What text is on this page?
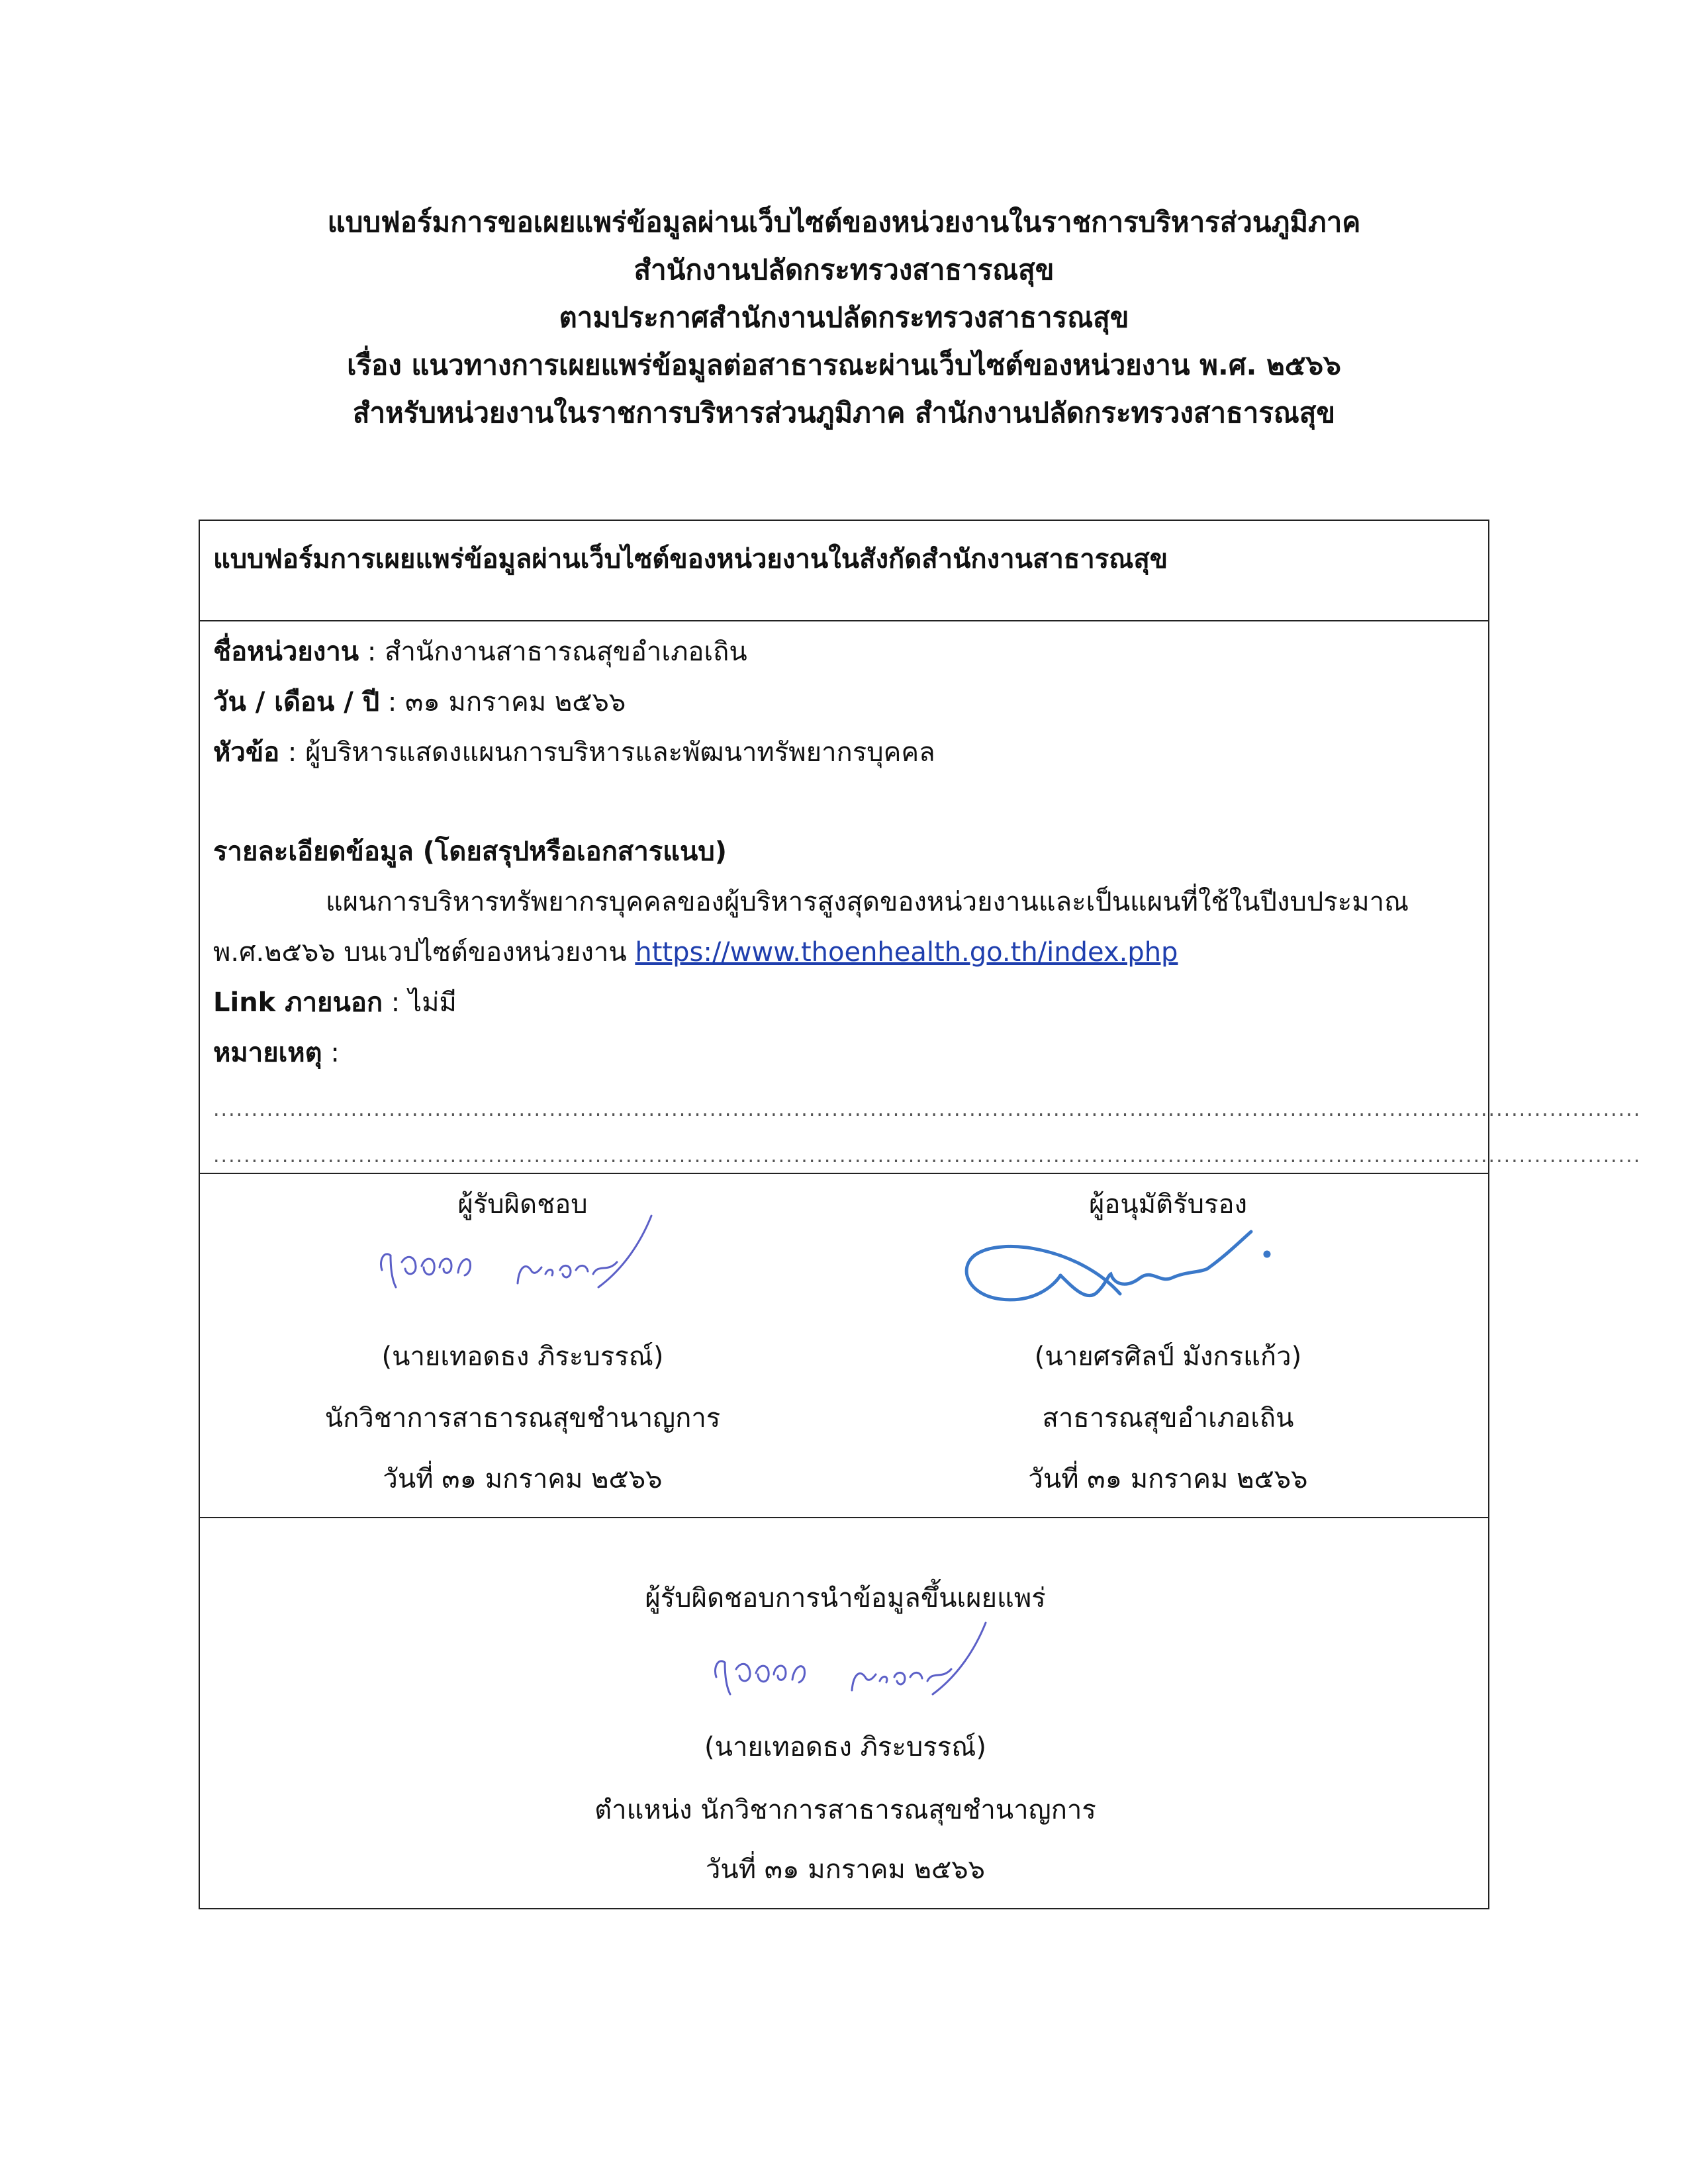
แบบฟอร์มการขอเผยแพร่ข้อมูลผ่านเว็บไซต์ของหน่วยงานในราชการบริหารส่วนภูมิภาค
สำนักงานปลัดกระทรวงสาธารณสุข
ตามประกาศสำนักงานปลัดกระทรวงสาธารณสุข
เรื่อง แนวทางการเผยแพร่ข้อมูลต่อสาธารณะผ่านเว็บไซต์ของหน่วยงาน พ.ศ. ๒๕๖๖
สำหรับหน่วยงานในราชการบริหารส่วนภูมิภาค สำนักงานปลัดกระทรวงสาธารณสุข
แบบฟอร์มการเผยแพร่ข้อมูลผ่านเว็บไซต์ของหน่วยงานในสังกัดสำนักงานสาธารณสุข
ชื่อหน่วยงาน : สำนักงานสาธารณสุขอำเภอเถิน
วัน / เดือน / ปี : ๓๑ มกราคม ๒๕๖๖
หัวข้อ : ผู้บริหารแสดงแผนการบริหารและพัฒนาทรัพยากรบุคคล
รายละเอียดข้อมูล (โดยสรุปหรือเอกสารแนบ)
แผนการบริหารทรัพยากรบุคคลของผู้บริหารสูงสุดของหน่วยงานและเป็นแผนที่ใช้ในปีงบประมาณ
พ.ศ.๒๕๖๖ บนเวปไซต์ของหน่วยงาน https://www.thoenhealth.go.th/index.php
Link ภายนอก : ไม่มี
หมายเหตุ :
...........................................................................................................................................................................................
...........................................................................................................................................................................................
ผู้รับผิดชอบ
(นายเทอดธง ภิระบรรณ์)
นักวิชาการสาธารณสุขชำนาญการ
วันที่ ๓๑ มกราคม ๒๕๖๖
ผู้อนุมัติรับรอง
(นายศรศิลป์ มังกรแก้ว)
สาธารณสุขอำเภอเถิน
วันที่ ๓๑ มกราคม ๒๕๖๖
ผู้รับผิดชอบการนำข้อมูลขึ้นเผยแพร่
(นายเทอดธง ภิระบรรณ์)
ตำแหน่ง นักวิชาการสาธารณสุขชำนาญการ
วันที่ ๓๑ มกราคม ๒๕๖๖
